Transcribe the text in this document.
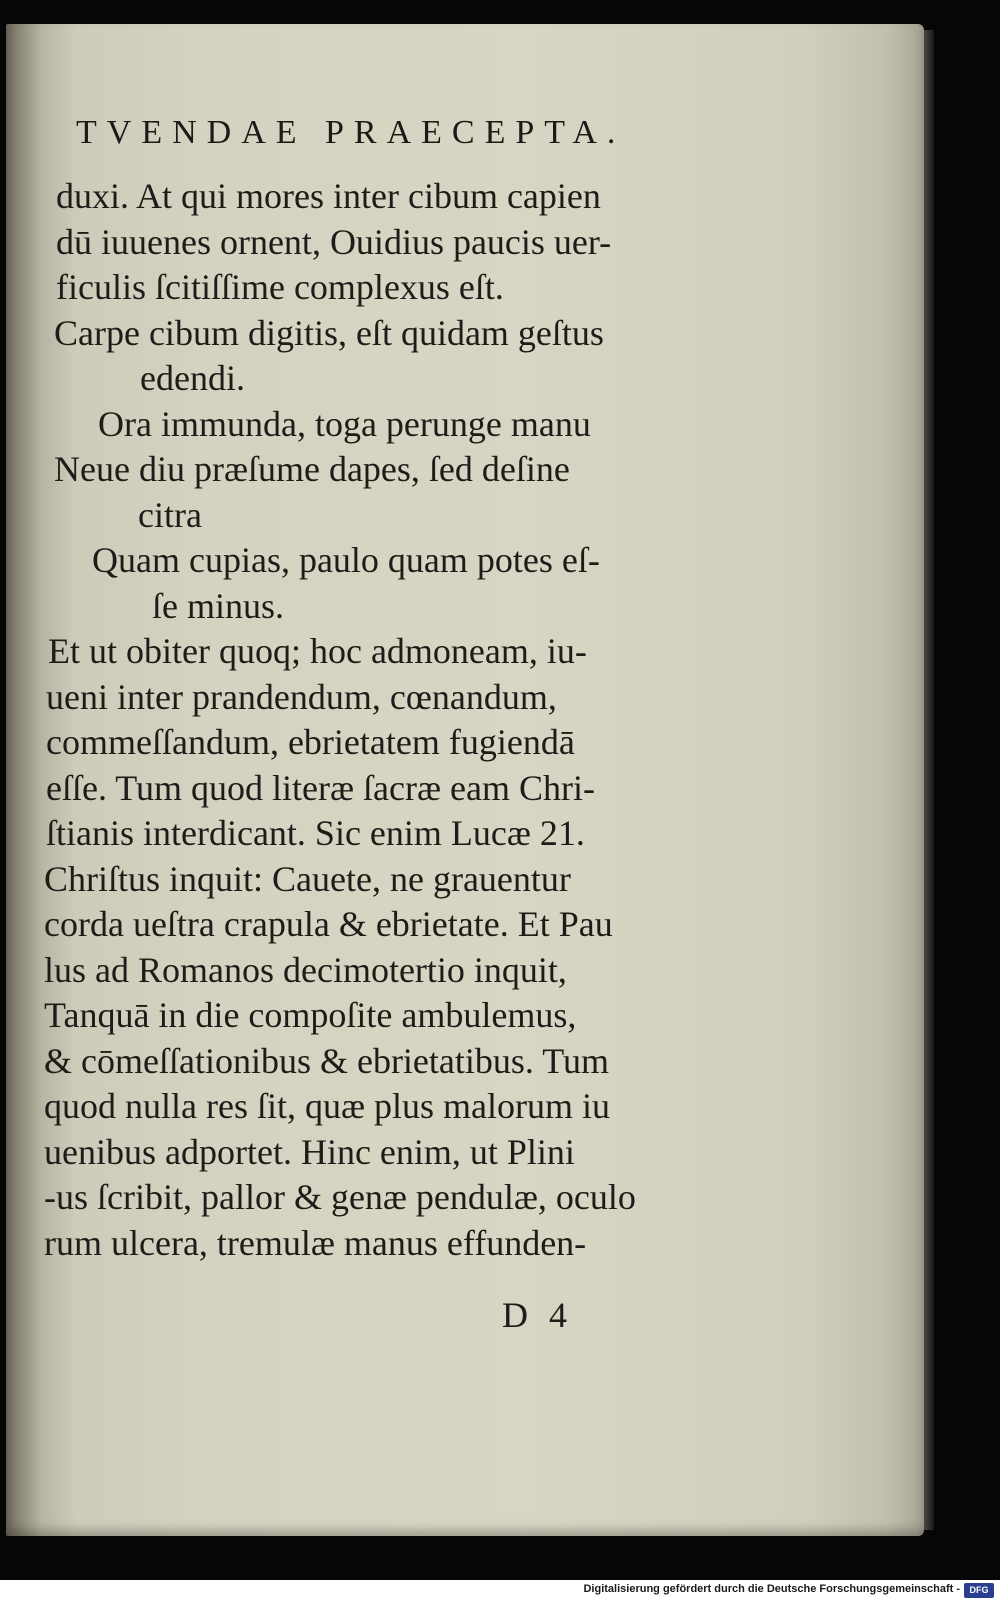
TVENDAE PRAECEPTA.
duxi. At qui mores inter cibum capien
dū iuuenes ornent, Ouidius paucis uer-
ficulis ſcitiſſime complexus eſt.
Carpe cibum digitis, eſt quidam geſtus
edendi.
Ora immunda, toga perunge manu
Neue diu præſume dapes, ſed deſine
citra
Quam cupias, paulo quam potes eſ-
ſe minus.
Et ut obiter quoq; hoc admoneam, iu-
ueni inter prandendum, cœnandum,
commeſſandum, ebrietatem fugiendā
eſſe. Tum quod literæ ſacræ eam Chri-
ſtianis interdicant. Sic enim Lucæ 21.
Chriſtus inquit: Cauete, ne grauentur
corda ueſtra crapula & ebrietate. Et Pau
lus ad Romanos decimotertio inquit,
Tanquā in die compoſite ambulemus,
& cōmeſſationibus & ebrietatibus. Tum
quod nulla res ſit, quæ plus malorum iu
uenibus adportet. Hinc enim, ut Plini
-us ſcribit, pallor & genæ pendulæ, oculo
rum ulcera, tremulæ manus effunden-
D 4
Digitalisierung gefördert durch die Deutsche Forschungsgemeinschaft -	DFG
